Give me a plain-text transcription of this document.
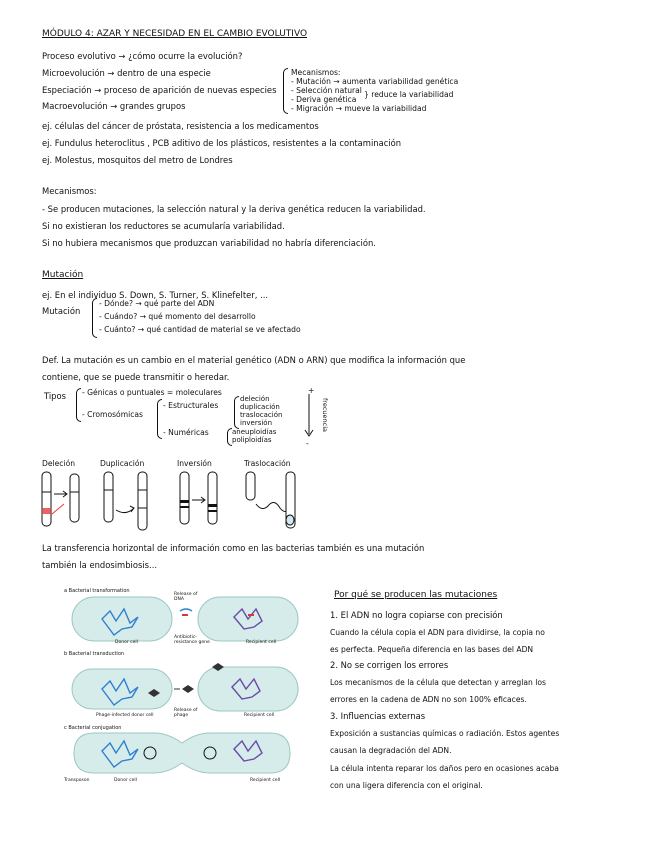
MÓDULO 4: AZAR Y NECESIDAD EN EL CAMBIO EVOLUTIVO
Proceso evolutivo → ¿cómo ocurre la evolución?
Microevolución → dentro de una especie
Especiación → proceso de aparición de nuevas especies
Macroevolución → grandes grupos
Mecanismos:
- Mutación → aumenta variabilidad genética
- Selección natural
- Deriva genética
} reduce la variabilidad
- Migración → mueve la variabilidad
ej. células del cáncer de próstata, resistencia a los medicamentos
ej. Fundulus heteroclitus , PCB aditivo de los plásticos, resistentes a la contaminación
ej. Molestus, mosquitos del metro de Londres
Mecanismos:
- Se producen mutaciones, la selección natural y la deriva genética reducen la variabilidad.
Si no existieran los reductores se acumularía variabilidad.
Si no hubiera mecanismos que produzcan variabilidad no habría diferenciación.
Mutación
ej. En el individuo S. Down, S. Turner, S. Klinefelter, ...
Mutación
- Dónde? → qué parte del ADN
- Cuándo? → qué momento del desarrollo
- Cuánto? → qué cantidad de material se ve afectado
Def. La mutación es un cambio en el material genético (ADN o ARN) que modifica la información que
contiene, que se puede transmitir o heredar.
Tipos - Génicas o puntuales = moleculares
- Cromosómicas
- Estructurales
deleción
duplicación
traslocación
inversión
- Numéricas	aneuploidías
poliploidías
+
-
frecuencia
Deleción	Duplicación	Inversión	Traslocación
La transferencia horizontal de información como en las bacterias también es una mutación
también la endosimbiosis...
a Bacterial transformation
Release of DNA
Donor cell
Antibiotic-resistance gene	Recipient cell
b Bacterial transduction
Phage-infected donor cell
Release of phage	Recipient cell
c Bacterial conjugation
Transposon	Donor cell	Recipient cell
Por qué se producen las mutaciones
1. El ADN no logra copiarse con precisión
Cuando la célula copia el ADN para dividirse, la copia no
es perfecta. Pequeña diferencia en las bases del ADN
2. No se corrigen los errores
Los mecanismos de la célula que detectan y arreglan los
errores en la cadena de ADN no son 100% eficaces.
3. Influencias externas
Exposición a sustancias químicas o radiación. Estos agentes
causan la degradación del ADN.
La célula intenta reparar los daños pero en ocasiones acaba
con una ligera diferencia con el original.
